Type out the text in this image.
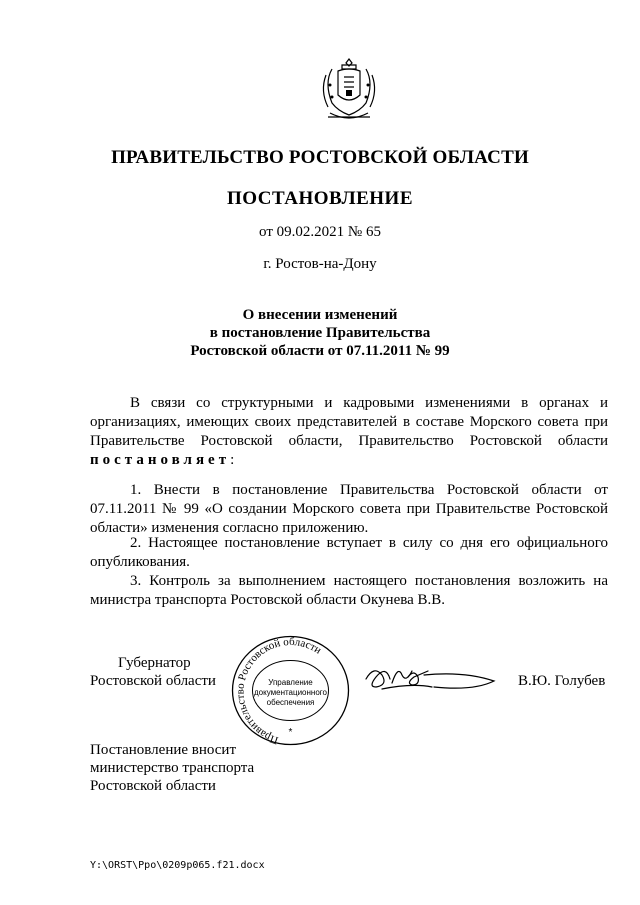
ПРАВИТЕЛЬСТВО РОСТОВСКОЙ ОБЛАСТИ
ПОСТАНОВЛЕНИЕ
от 09.02.2021 № 65
г. Ростов-на-Дону
О внесении изменений
в постановление Правительства
Ростовской области от 07.11.2011 № 99
В связи со структурными и кадровыми изменениями в органах и организациях, имеющих своих представителей в составе Морского совета при Правительстве Ростовской области, Правительство Ростовской области постановляет:
1. Внести в постановление Правительства Ростовской области от 07.11.2011 № 99 «О создании Морского совета при Правительстве Ростовской области» изменения согласно приложению.
2. Настоящее постановление вступает в силу со дня его официального опубликования.
3. Контроль за выполнением настоящего постановления возложить на министра транспорта Ростовской области Окунева В.В.
Губернатор
Ростовской области
Правительство Ростовской области
*
Управление
документационного
обеспечения
В.Ю. Голубев
Постановление вносит
министерство транспорта
Ростовской области
Y:\ORST\Ppo\0209p065.f21.docx
